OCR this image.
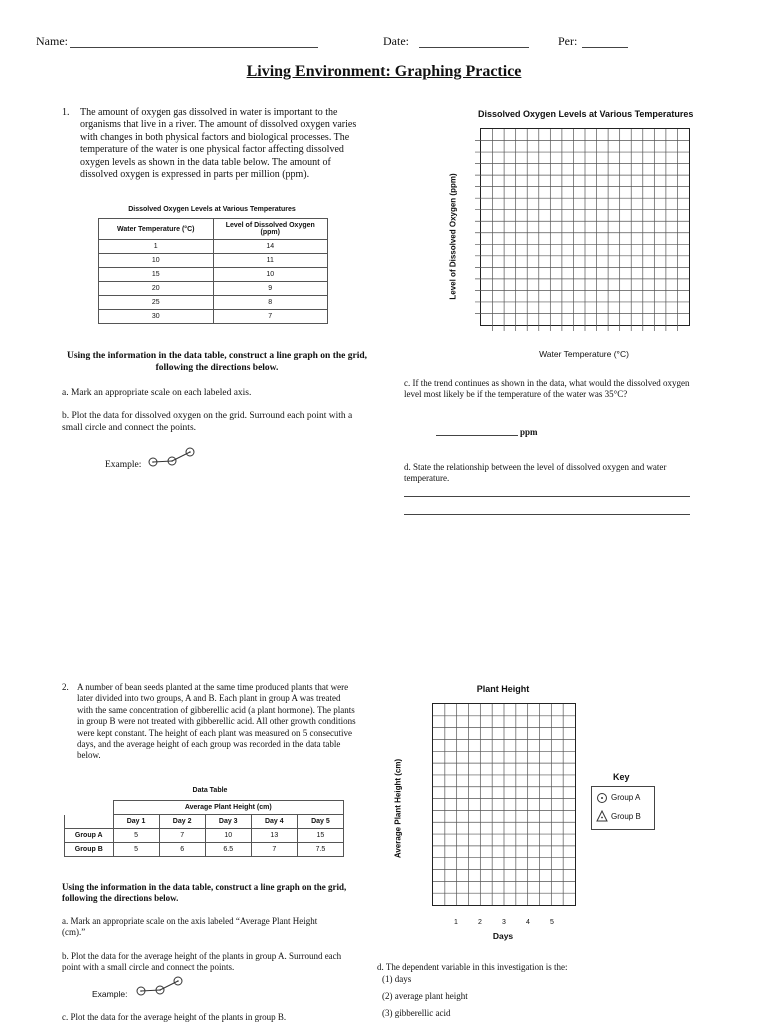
Name:	Date:	Per:
Living Environment: Graphing Practice
1. The amount of oxygen gas dissolved in water is important to the organisms that live in a river. The amount of dissolved oxygen varies with changes in both physical factors and biological processes. The temperature of the water is one physical factor affecting dissolved oxygen levels as shown in the data table below. The amount of dissolved oxygen is expressed in parts per million (ppm).

Dissolved Oxygen Levels at Various Temperatures
Water Temperature (°C)	Level of Dissolved Oxygen (ppm)
1	14
10	11
15	10
20	9
25	8
30	7

Using the information in the data table, construct a line graph on the grid, following the directions below.

a. Mark an appropriate scale on each labeled axis.

b. Plot the data for dissolved oxygen on the grid. Surround each point with a small circle and connect the points.

Example:
Dissolved Oxygen Levels at Various Temperatures
Level of Dissolved Oxygen (ppm)
Water Temperature (°C)

c. If the trend continues as shown in the data, what would the dissolved oxygen level most likely be if the temperature of the water was 35°C?

ppm

d. State the relationship between the level of dissolved oxygen and water temperature.

2. A number of bean seeds planted at the same time produced plants that were later divided into two groups, A and B. Each plant in group A was treated with the same concentration of gibberellic acid (a plant hormone). The plants in group B were not treated with gibberellic acid. All other growth conditions were kept constant. The height of each plant was measured on 5 consecutive days, and the average height of each group was recorded in the data table below.

Data Table
	Average Plant Height (cm)				
	Day 1	Day 2	Day 3	Day 4	Day 5
Group A	5	7	10	13	15
Group B	5	6	6.5	7	7.5

Using the information in the data table, construct a line graph on the grid, following the directions below.

a. Mark an appropriate scale on the axis labeled “Average Plant Height (cm).”

b. Plot the data for the average height of the plants in group A. Surround each point with a small circle and connect the points.

Example:

c. Plot the data for the average height of the plants in group B.

Plant Height
Average Plant Height (cm)
1	2	3	4	5
Days
Key
Group A
Group B

d. The dependent variable in this investigation is the:

(1) days
(2) average plant height
(3) gibberellic acid
